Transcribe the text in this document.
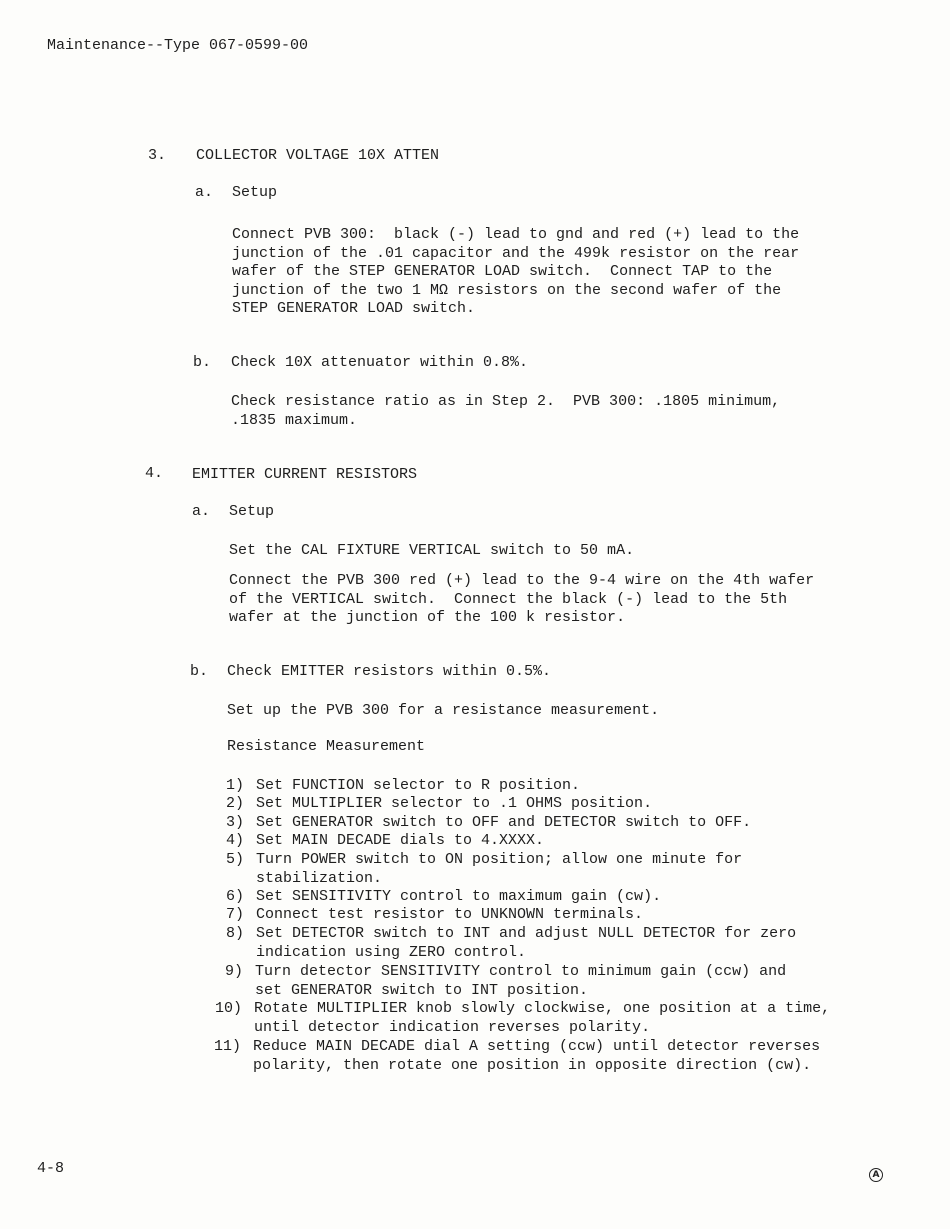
Maintenance--Type 067-0599-00
3. COLLECTOR VOLTAGE 10X ATTEN
a. Setup
Connect PVB 300:  black (-) lead to gnd and red (+) lead to the
junction of the .01 capacitor and the 499k resistor on the rear
wafer of the STEP GENERATOR LOAD switch.  Connect TAP to the
junction of the two 1 MΩ resistors on the second wafer of the
STEP GENERATOR LOAD switch.
b. Check 10X attenuator within 0.8%.
Check resistance ratio as in Step 2.  PVB 300: .1805 minimum,
.1835 maximum.
4. EMITTER CURRENT RESISTORS
a. Setup
Set the CAL FIXTURE VERTICAL switch to 50 mA.
Connect the PVB 300 red (+) lead to the 9-4 wire on the 4th wafer
of the VERTICAL switch.  Connect the black (-) lead to the 5th
wafer at the junction of the 100 k resistor.
b. Check EMITTER resistors within 0.5%.
Set up the PVB 300 for a resistance measurement.
Resistance Measurement
1) Set FUNCTION selector to R position.
2) Set MULTIPLIER selector to .1 OHMS position.
3) Set GENERATOR switch to OFF and DETECTOR switch to OFF.
4) Set MAIN DECADE dials to 4.XXXX.
5) Turn POWER switch to ON position; allow one minute for
stabilization.
6) Set SENSITIVITY control to maximum gain (cw).
7) Connect test resistor to UNKNOWN terminals.
8) Set DETECTOR switch to INT and adjust NULL DETECTOR for zero
indication using ZERO control.
9) Turn detector SENSITIVITY control to minimum gain (ccw) and
set GENERATOR switch to INT position.
10) Rotate MULTIPLIER knob slowly clockwise, one position at a time,
until detector indication reverses polarity.
11) Reduce MAIN DECADE dial A setting (ccw) until detector reverses
polarity, then rotate one position in opposite direction (cw).
4-8	A
